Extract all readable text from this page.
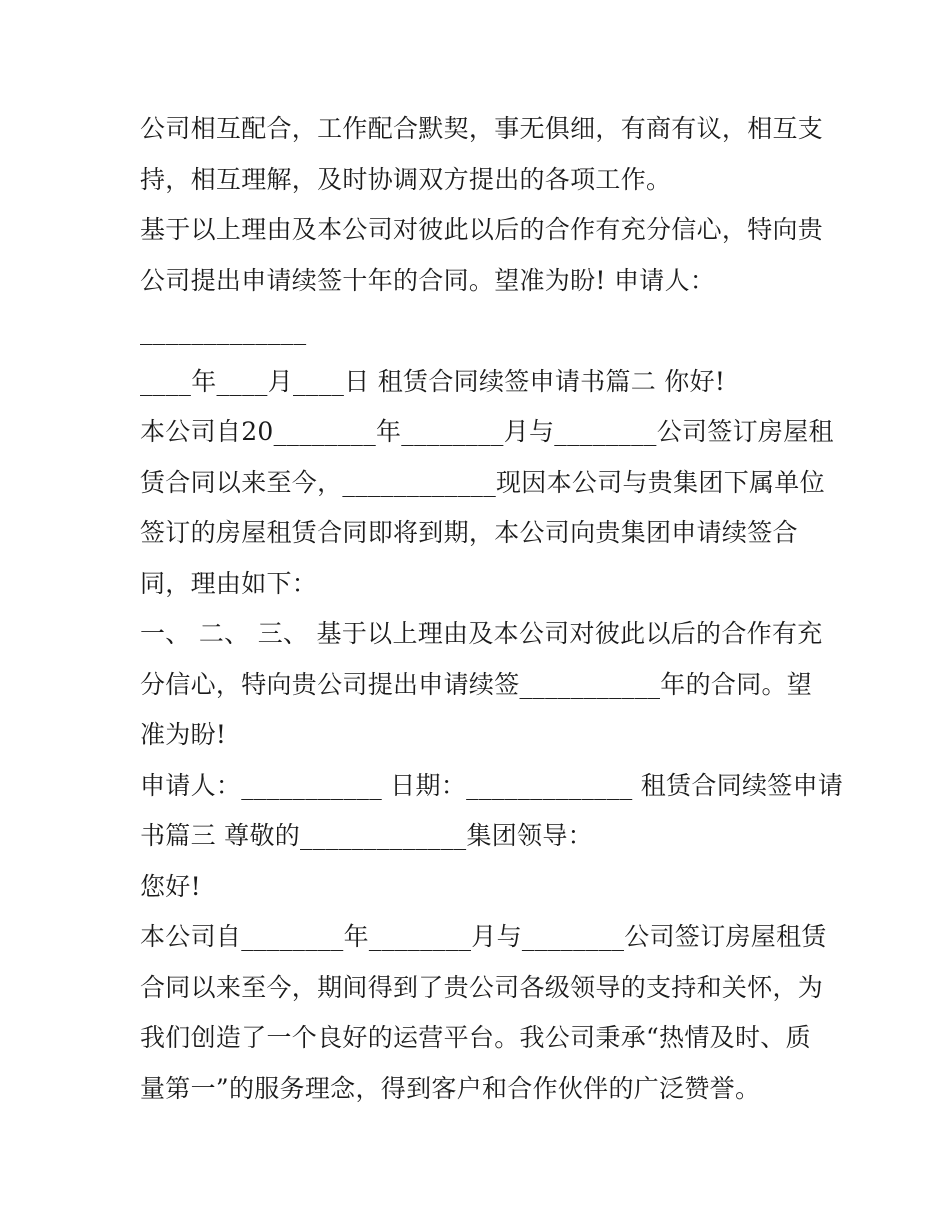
公司相互配合，工作配合默契，事无俱细，有商有议，相互支
持，相互理解，及时协调双方提出的各项工作。
基于以上理由及本公司对彼此以后的合作有充分信心，特向贵
公司提出申请续签十年的合同。望准为盼! 申请人：
_____________
____年____月____日 租赁合同续签申请书篇二 你好!
本公司自20________年________月与________公司签订房屋租
赁合同以来至今，____________现因本公司与贵集团下属单位
签订的房屋租赁合同即将到期，本公司向贵集团申请续签合
同，理由如下：
一、 二、 三、 基于以上理由及本公司对彼此以后的合作有充
分信心，特向贵公司提出申请续签___________年的合同。望
准为盼!
申请人：___________ 日期：_____________ 租赁合同续签申请
书篇三 尊敬的_____________集团领导：
您好!
本公司自________年________月与________公司签订房屋租赁
合同以来至今，期间得到了贵公司各级领导的支持和关怀，为
我们创造了一个良好的运营平台。我公司秉承“热情及时、质
量第一”的服务理念，得到客户和合作伙伴的广泛赞誉。
